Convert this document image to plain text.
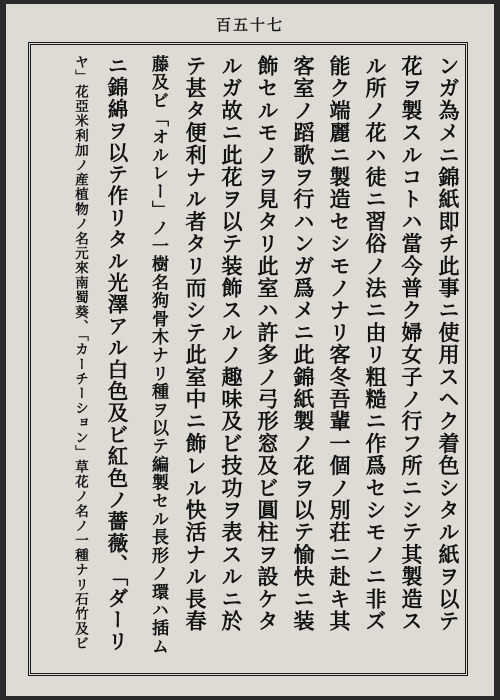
百五十七
ンガ為メニ錦紙即チ此事ニ使用スヘク着色シタル紙ヲ以テ
花ヲ製スルコトハ當今普ク婦女子ノ行フ所ニシテ其製造ス
ル所ノ花ハ徒ニ習俗ノ法ニ由リ粗糙ニ作爲セシモノニ非ズ
能ク端麗ニ製造セシモノナリ客冬吾輩一個ノ別荘ニ赴キ其
客室ノ蹈歌ヲ行ハンガ爲メニ此錦紙製ノ花ヲ以テ愉快ニ装
飾セルモノヲ見タリ此室ハ許多ノ弓形窓及ビ圓柱ヲ設ケタ
ルガ故ニ此花ヲ以テ装飾スルノ趣味及ビ技功ヲ表スルニ於
テ甚タ便利ナル者タリ而シテ此室中ニ飾レル快活ナル長春
藤及ビ「オルレー」ノ一樹名狗骨木ナリ種ヲ以テ編製セル長形ノ環ハ插ム
ニ錦綿ヲ以テ作リタル光澤アル白色及ビ紅色ノ薔薇、「ダーリ
ヤ」花亞米利加ノ産植物ノ名元來南蜀葵、「カーチーション」草花ノ名ノ一種ナリ石竹及ビ
